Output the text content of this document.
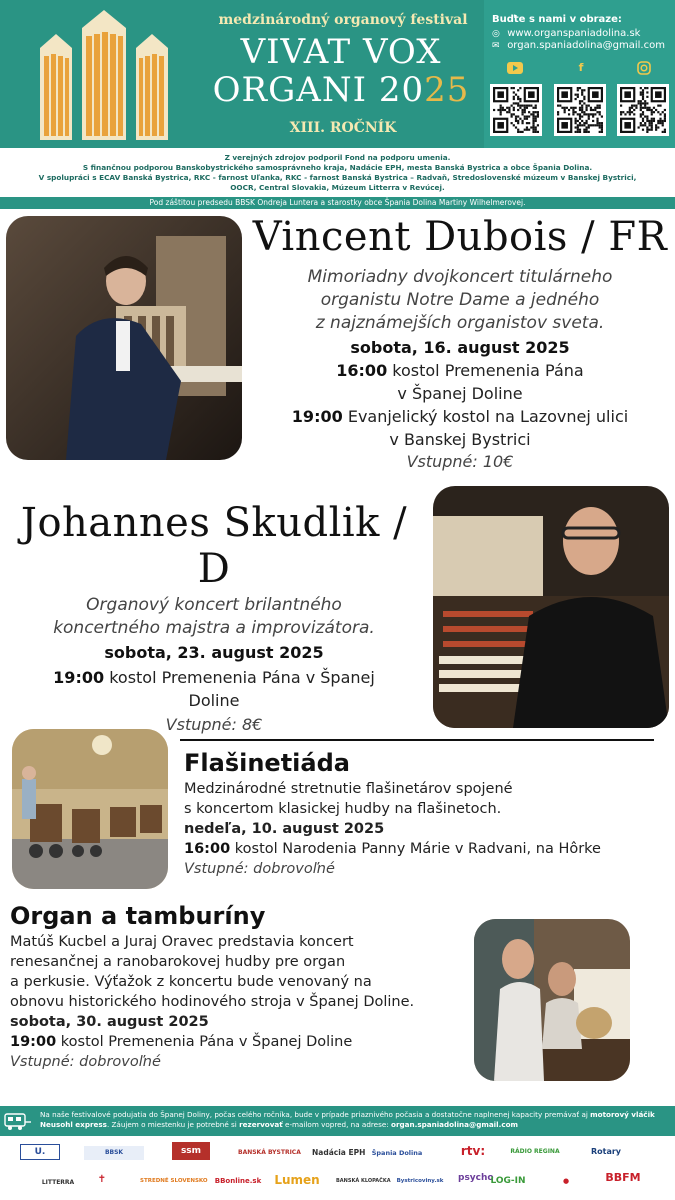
medzinárodný organový festival
VIVAT VOX
ORGANI 2025
XIII. ROČNÍK
Buďte s nami v obraze:
◎ www.organspaniadolina.sk
✉ organ.spaniadolina@gmail.com
f
Z verejných zdrojov podporil Fond na podporu umenia.
S finančnou podporou Banskobystrického samosprávneho kraja, Nadácie EPH, mesta Banská Bystrica a obce Špania Dolina.
V spolupráci s ECAV Banská Bystrica, RKC - farnost Uľanka, RKC - farnost Banská Bystrica – Radvaň, Stredoslovenské múzeum v Banskej Bystrici,
OOCR, Central Slovakia, Múzeum Litterra v Revúcej.
Pod záštitou predsedu BBSK Ondreja Luntera a starostky obce Špania Dolina Martiny Wilhelmerovej.
Vincent Dubois / FR
Mimoriadny dvojkoncert titulárneho
organistu Notre Dame a jedného
z najznámejších organistov sveta.
sobota, 16. august 2025
16:00 kostol Premenenia Pána
v Španej Doline
19:00 Evanjelický kostol na Lazovnej ulici
v Banskej Bystrici
Vstupné: 10€
Johannes Skudlik / D
Organový koncert brilantného
koncertného majstra a improvizátora.
sobota, 23. august 2025
19:00 kostol Premenenia Pána v Španej
Doline
Vstupné: 8€
Flašinetiáda
Medzinárodné stretnutie flašinetárov spojené
s koncertom klasickej hudby na flašinetoch.
nedeľa, 10. august 2025
16:00 kostol Narodenia Panny Márie v Radvani, na Hôrke
Vstupné: dobrovoľné
Organ a tamburíny
Matúš Kucbel a Juraj Oravec predstavia koncert
renesančnej a ranobarokovej hudby pre organ
a perkusie. Výťažok z koncertu bude venovaný na
obnovu historického hodinového stroja v Španej Doline.
sobota, 30. august 2025
19:00 kostol Premenenia Pána v Španej Doline
Vstupné: dobrovoľné
Na naše festivalové podujatia do Španej Doliny, počas celého ročníka, bude v prípade priaznivého počasia a dostatočne naplnenej kapacity premávať aj motorový vláčik Neusohl express. Záujem o miestenku je potrebné si rezervovať e-mailom vopred, na adrese: organ.spaniadolina@gmail.com
U.	BBSK	ssm	BANSKÁ BYSTRICA Nadácia EPH Špania Dolina	rtv:	RÁDIO REGINA	Rotary
LITTERRA	✝	STREDNÉ SLOVENSKO BBonline.sk Lumen	BANSKÁ KLOPAČKA Bystricoviny.sk psycho
LOG-IN	●	BBFM
